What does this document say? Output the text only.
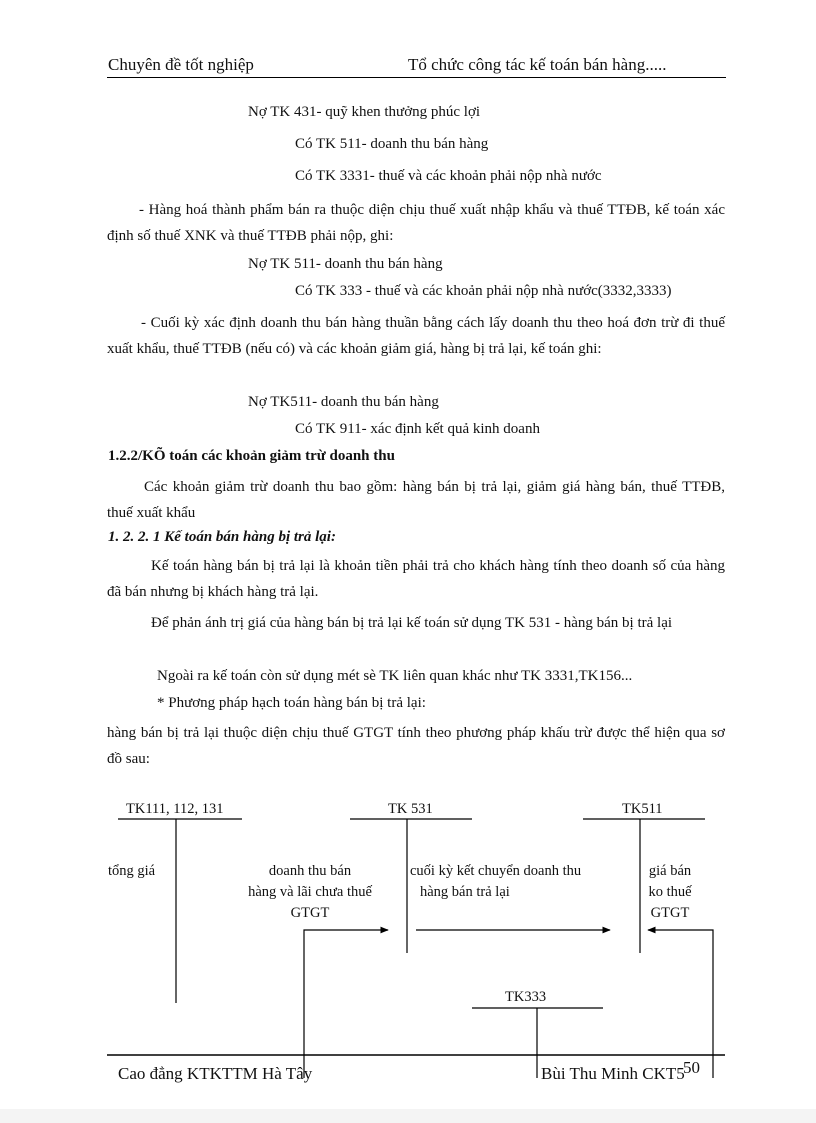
Chuyên đề tốt nghiệp	Tổ chức công tác kế toán bán hàng.....
Nợ TK 431- quỹ khen thưởng phúc lợi
Có TK 511- doanh thu bán hàng
Có TK 3331- thuế và các khoản phải nộp nhà nước
- Hàng hoá thành phẩm bán ra thuộc diện chịu thuế xuất nhập khẩu và thuế TTĐB, kế toán xác định số thuế XNK và thuế TTĐB phải nộp, ghi:
Nợ TK 511- doanh thu bán hàng
Có TK 333 - thuế và các khoản phải nộp nhà nước(3332,3333)
- Cuối kỳ xác định doanh thu bán hàng thuần bằng cách lấy doanh thu theo hoá đơn trừ đi thuế xuất khẩu, thuế TTĐB (nếu có) và các khoản giảm giá, hàng bị trả lại, kế toán ghi:
Nợ TK511- doanh thu bán hàng
Có TK 911- xác định kết quả kinh doanh
1.2.2/KÕ toán các khoản giảm trừ doanh thu
Các khoản giảm trừ doanh thu bao gồm: hàng bán bị trả lại, giảm giá hàng bán, thuế TTĐB, thuế xuất khẩu
1. 2. 2. 1 Kế toán bán hàng bị trả lại:
Kế toán hàng bán bị trả lại là khoản tiền phải trả cho khách hàng tính theo doanh số của hàng đã bán nhưng bị khách hàng trả lại.
Để phản ánh trị giá của hàng bán bị trả lại kế toán sử dụng TK 531 - hàng bán bị trả lại
Ngoài ra kế toán còn sử dụng mét sè TK liên quan khác như TK 3331,TK156...
* Phương pháp hạch toán hàng bán bị trả lại:
hàng bán bị trả lại thuộc diện chịu thuế GTGT tính theo phương pháp khấu trừ được thể hiện qua sơ đồ sau:
TK111, 112, 131	TK 531	TK511
TK333
tổng giá	doanh thu bán
hàng và lãi chưa thuế
GTGT
cuối kỳ kết chuyển doanh thu
hàng bán trả lại
giá bán
ko thuế
GTGT
Cao đẳng KTKTTM Hà Tây	Bùi Thu Minh CKT5
50
